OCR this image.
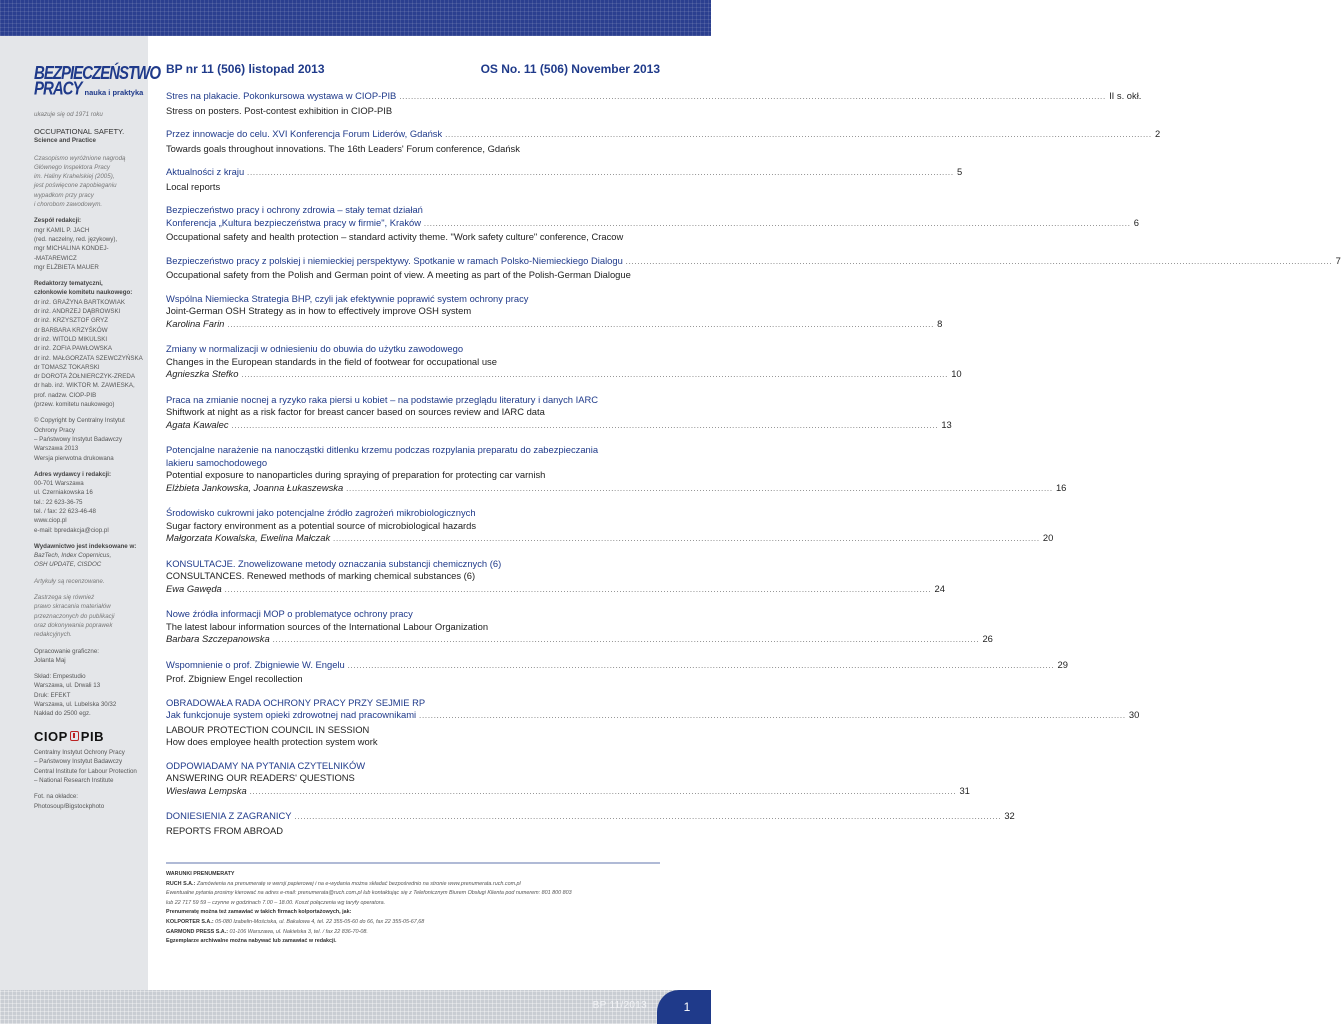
BEZPIECZEŃSTWO
PRACY nauka i praktyka
ukazuje się od 1971 roku
OCCUPATIONAL SAFETY.
Science and Practice
Czasopismo wyróżnione nagrodą
Głównego Inspektora Pracy
im. Haliny Krahelskiej (2005),
jest poświęcone zapobieganiu
wypadkom przy pracy
i chorobom zawodowym.
Zespół redakcji:
mgr KAMIL P. JACH
(red. naczelny, red. językowy),
mgr MICHALINA KONDEJ-
-MATAREWICZ
mgr ELŻBIETA MAUER
Redaktorzy tematyczni,
członkowie komitetu naukowego:
dr inż. GRAŻYNA BARTKOWIAK
dr inż. ANDRZEJ DĄBROWSKI
dr inż. KRZYSZTOF GRYZ
dr BARBARA KRZYŚKÓW
dr inż. WITOLD MIKULSKI
dr inż. ZOFIA PAWŁOWSKA
dr inż. MAŁGORZATA SZEWCZYŃSKA
dr TOMASZ TOKARSKI
dr DOROTA ŻOŁNIERCZYK-ZREDA
dr hab. inż. WIKTOR M. ZAWIESKA,
prof. nadzw. CIOP-PIB
(przew. komitetu naukowego)
© Copyright by Centralny Instytut
Ochrony Pracy
– Państwowy Instytut Badawczy
Warszawa 2013
Wersja pierwotna drukowana
Adres wydawcy i redakcji:
00-701 Warszawa
ul. Czerniakowska 16
tel.: 22 623-36-75
tel. / fax: 22 623-46-48
www.ciop.pl
e-mail: bpredakcja@ciop.pl
Wydawnictwo jest indeksowane w:
BazTech, Index Copernicus,
OSH UPDATE, CISDOC
Artykuły są recenzowane.
Zastrzega się również
prawo skracania materiałów
przeznaczonych do publikacji
oraz dokonywania poprawek
redakcyjnych.
Opracowanie graficzne:
Jolanta Maj
Skład: Empestudio
Warszawa, ul. Drwali 13
Druk: EFEKT
Warszawa, ul. Lubelska 30/32
Nakład do 2500 egz.
CIOP PIB
Centralny Instytut Ochrony Pracy
– Państwowy Instytut Badawczy
Central Institute for Labour Protection
– National Research Institute
Fot. na okładce:
Photosoup/Bigstockphoto
BP nr 11 (506) listopad 2013	OS No. 11 (506) November 2013
Stres na plakacie. Pokonkursowa wystawa w CIOP-PIB .....	II s. okł.
Stress on posters. Post-contest exhibition in CIOP-PIB
Przez innowacje do celu. XVI Konferencja Forum Liderów, Gdańsk .....	2
Towards goals throughout innovations. The 16th Leaders' Forum conference, Gdańsk
Aktualności z kraju .....	5
Local reports
Bezpieczeństwo pracy i ochrony zdrowia – stały temat działań
Konferencja „Kultura bezpieczeństwa pracy w firmie", Kraków .....	6
Occupational safety and health protection – standard activity theme. "Work safety culture" conference, Cracow
Bezpieczeństwo pracy z polskiej i niemieckiej perspektywy. Spotkanie w ramach Polsko-Niemieckiego Dialogu .....	7
Occupational safety from the Polish and German point of view. A meeting as part of the Polish-German Dialogue
Wspólna Niemiecka Strategia BHP, czyli jak efektywnie poprawić system ochrony pracy
Joint-German OSH Strategy as in how to effectively improve OSH system
Karolina Farin .....	8
Zmiany w normalizacji w odniesieniu do obuwia do użytku zawodowego
Changes in the European standards in the field of footwear for occupational use
Agnieszka Stefko .....	10
Praca na zmianie nocnej a ryzyko raka piersi u kobiet – na podstawie przeglądu literatury i danych IARC
Shiftwork at night as a risk factor for breast cancer based on sources review and IARC data
Agata Kawalec .....	13
Potencjalne narażenie na nanocząstki ditlenku krzemu podczas rozpylania preparatu do zabezpieczania
lakieru samochodowego
Potential exposure to nanoparticles during spraying of preparation for protecting car varnish
Elżbieta Jankowska, Joanna Łukaszewska .....	16
Środowisko cukrowni jako potencjalne źródło zagrożeń mikrobiologicznych
Sugar factory environment as a potential source of microbiological hazards
Małgorzata Kowalska, Ewelina Małczak .....	20
KONSULTACJE. Znowelizowane metody oznaczania substancji chemicznych (6)
CONSULTANCES. Renewed methods of marking chemical substances (6)
Ewa Gawęda .....	24
Nowe źródła informacji MOP o problematyce ochrony pracy
The latest labour information sources of the International Labour Organization
Barbara Szczepanowska .....	26
Wspomnienie o prof. Zbigniewie W. Engelu .....	29
Prof. Zbigniew Engel recollection
OBRADOWAŁA RADA OCHRONY PRACY PRZY SEJMIE RP
Jak funkcjonuje system opieki zdrowotnej nad pracownikami .....	30
LABOUR PROTECTION COUNCIL IN SESSION
How does employee health protection system work
ODPOWIADAMY NA PYTANIA CZYTELNIKÓW
ANSWERING OUR READERS' QUESTIONS
Wiesława Lempska .....	31
DONIESIENIA Z ZAGRANICY .....	32
REPORTS FROM ABROAD
WARUNKI PRENUMERATY
RUCH S.A.: Zamówienia na prenumeratę w wersji papierowej i na e-wydania można składać bezpośrednio na stronie www.prenumerata.ruch.com.pl
Ewentualne pytania prosimy kierować na adres e-mail: prenumerata@ruch.com.pl lub kontaktując się z Telefonicznym Biurem Obsługi Klienta pod numerem: 801 800 803
lub 22 717 59 59 – czynne w godzinach 7.00 – 18.00. Koszt połączenia wg taryfy operatora.
Prenumeratę można też zamawiać w takich firmach kolportażowych, jak:
KOLPORTER S.A.: 05-080 Izabelin-Mościska, ul. Bakalowa 4, tel. 22 355-05-60 do 66, fax 22 355-05-67,68
GARMOND PRESS S.A.: 01-106 Warszawa, ul. Nakielska 3, tel. / fax 22 836-70-08.
Egzemplarze archiwalne można nabywać lub zamawiać w redakcji.
BP 11/2013	1
